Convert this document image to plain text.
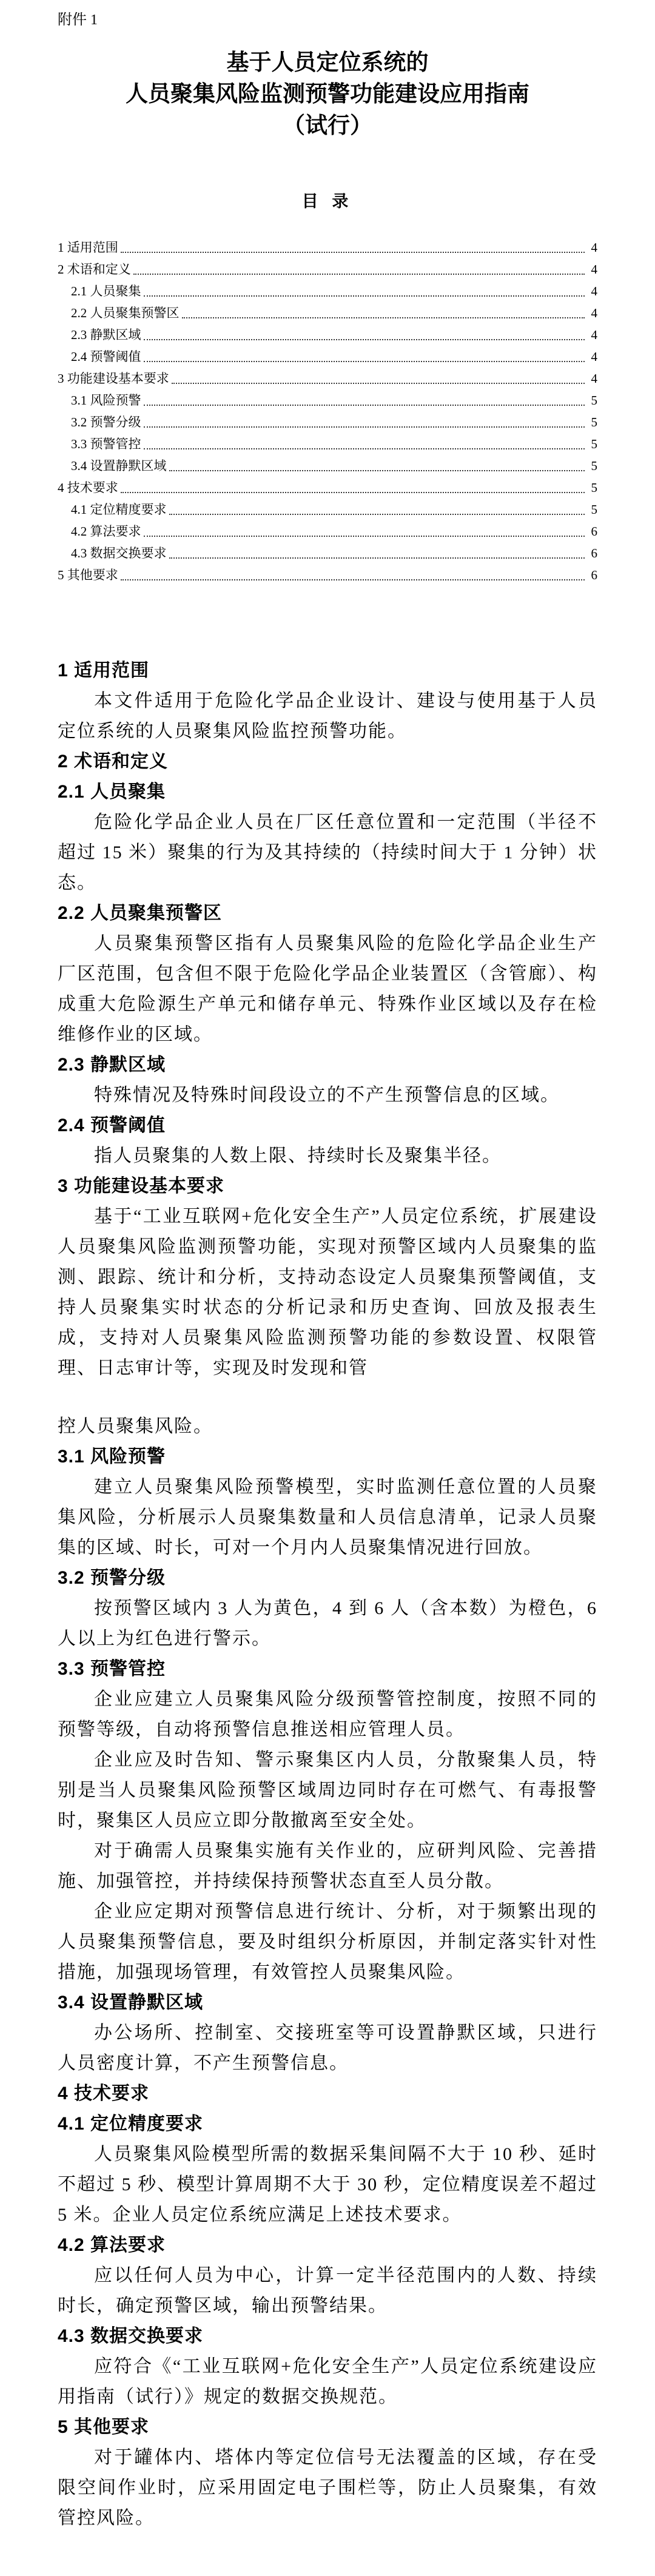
附件 1
基于人员定位系统的
人员聚集风险监测预警功能建设应用指南
（试行）
目 录
1 适用范围	4
2 术语和定义	4
2.1 人员聚集	4
2.2 人员聚集预警区	4
2.3 静默区域	4
2.4 预警阈值	4
3 功能建设基本要求	4
3.1 风险预警	5
3.2 预警分级	5
3.3 预警管控	5
3.4 设置静默区域	5
4 技术要求	5
4.1 定位精度要求	5
4.2 算法要求	6
4.3 数据交换要求	6
5 其他要求	6
1 适用范围

本文件适用于危险化学品企业设计、建设与使用基于人员定位系统的人员聚集风险监控预警功能。

2 术语和定义
2.1 人员聚集

危险化学品企业人员在厂区任意位置和一定范围（半径不超过 15 米）聚集的行为及其持续的（持续时间大于 1 分钟）状态。

2.2 人员聚集预警区

人员聚集预警区指有人员聚集风险的危险化学品企业生产厂区范围，包含但不限于危险化学品企业装置区（含管廊）、构成重大危险源生产单元和储存单元、特殊作业区域以及存在检维修作业的区域。

2.3 静默区域

特殊情况及特殊时间段设立的不产生预警信息的区域。

2.4 预警阈值

指人员聚集的人数上限、持续时长及聚集半径。

3 功能建设基本要求

基于“工业互联网+危化安全生产”人员定位系统，扩展建设人员聚集风险监测预警功能，实现对预警区域内人员聚集的监测、跟踪、统计和分析，支持动态设定人员聚集预警阈值，支持人员聚集实时状态的分析记录和历史查询、回放及报表生成，支持对人员聚集风险监测预警功能的参数设置、权限管理、日志审计等，实现及时发现和管

控人员聚集风险。

3.1 风险预警

建立人员聚集风险预警模型，实时监测任意位置的人员聚集风险，分析展示人员聚集数量和人员信息清单，记录人员聚集的区域、时长，可对一个月内人员聚集情况进行回放。

3.2 预警分级

按预警区域内 3 人为黄色，4 到 6 人（含本数）为橙色，6 人以上为红色进行警示。

3.3 预警管控

企业应建立人员聚集风险分级预警管控制度，按照不同的预警等级，自动将预警信息推送相应管理人员。

企业应及时告知、警示聚集区内人员，分散聚集人员，特别是当人员聚集风险预警区域周边同时存在可燃气、有毒报警时，聚集区人员应立即分散撤离至安全处。

对于确需人员聚集实施有关作业的，应研判风险、完善措施、加强管控，并持续保持预警状态直至人员分散。

企业应定期对预警信息进行统计、分析，对于频繁出现的人员聚集预警信息，要及时组织分析原因，并制定落实针对性措施，加强现场管理，有效管控人员聚集风险。

3.4 设置静默区域

办公场所、控制室、交接班室等可设置静默区域，只进行人员密度计算，不产生预警信息。

4 技术要求
4.1 定位精度要求

人员聚集风险模型所需的数据采集间隔不大于 10 秒、延时不超过 5 秒、模型计算周期不大于 30 秒，定位精度误差不超过 5 米。企业人员定位系统应满足上述技术要求。

4.2 算法要求

应以任何人员为中心，计算一定半径范围内的人数、持续时长，确定预警区域，输出预警结果。

4.3 数据交换要求

应符合《“工业互联网+危化安全生产”人员定位系统建设应用指南（试行）》规定的数据交换规范。

5 其他要求

对于罐体内、塔体内等定位信号无法覆盖的区域，存在受限空间作业时，应采用固定电子围栏等，防止人员聚集，有效管控风险。
